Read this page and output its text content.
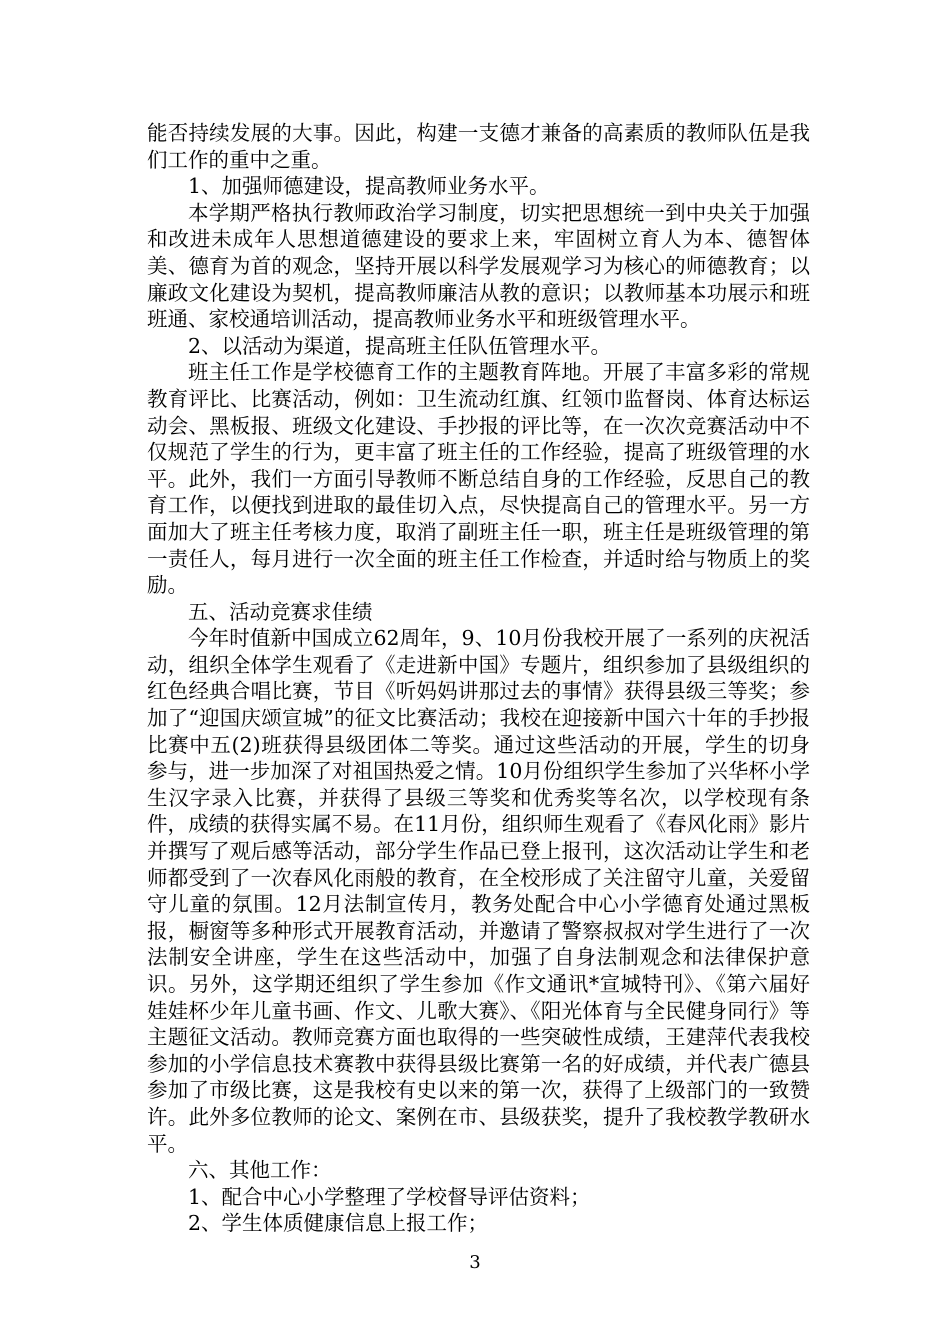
能否持续发展的大事。因此，构建一支德才兼备的高素质的教师队伍是我们工作的重中之重。

1、加强师德建设，提高教师业务水平。

本学期严格执行教师政治学习制度，切实把思想统一到中央关于加强和改进未成年人思想道德建设的要求上来，牢固树立育人为本、德智体美、德育为首的观念，坚持开展以科学发展观学习为核心的师德教育；以廉政文化建设为契机，提高教师廉洁从教的意识；以教师基本功展示和班班通、家校通培训活动，提高教师业务水平和班级管理水平。

2、以活动为渠道，提高班主任队伍管理水平。

班主任工作是学校德育工作的主题教育阵地。开展了丰富多彩的常规教育评比、比赛活动，例如：卫生流动红旗、红领巾监督岗、体育达标运动会、黑板报、班级文化建设、手抄报的评比等，在一次次竞赛活动中不仅规范了学生的行为，更丰富了班主任的工作经验，提高了班级管理的水平。此外，我们一方面引导教师不断总结自身的工作经验，反思自己的教育工作，以便找到进取的最佳切入点，尽快提高自己的管理水平。另一方面加大了班主任考核力度，取消了副班主任一职，班主任是班级管理的第一责任人，每月进行一次全面的班主任工作检查，并适时给与物质上的奖励。

五、活动竞赛求佳绩

今年时值新中国成立62周年，9、10月份我校开展了一系列的庆祝活动，组织全体学生观看了《走进新中国》专题片，组织参加了县级组织的红色经典合唱比赛，节目《听妈妈讲那过去的事情》获得县级三等奖；参加了“迎国庆颂宣城”的征文比赛活动；我校在迎接新中国六十年的手抄报比赛中五(2)班获得县级团体二等奖。通过这些活动的开展，学生的切身参与，进一步加深了对祖国热爱之情。10月份组织学生参加了兴华杯小学生汉字录入比赛，并获得了县级三等奖和优秀奖等名次，以学校现有条件，成绩的获得实属不易。在11月份，组织师生观看了《春风化雨》影片并撰写了观后感等活动，部分学生作品已登上报刊，这次活动让学生和老师都受到了一次春风化雨般的教育，在全校形成了关注留守儿童，关爱留守儿童的氛围。12月法制宣传月，教务处配合中心小学德育处通过黑板报，橱窗等多种形式开展教育活动，并邀请了警察叔叔对学生进行了一次法制安全讲座，学生在这些活动中，加强了自身法制观念和法律保护意识。另外，这学期还组织了学生参加《作文通讯*宣城特刊》、《第六届好娃娃杯少年儿童书画、作文、儿歌大赛》、《阳光体育与全民健身同行》等主题征文活动。教师竞赛方面也取得的一些突破性成绩，王建萍代表我校参加的小学信息技术赛教中获得县级比赛第一名的好成绩，并代表广德县参加了市级比赛，这是我校有史以来的第一次，获得了上级部门的一致赞许。此外多位教师的论文、案例在市、县级获奖，提升了我校教学教研水平。

六、其他工作：

1、配合中心小学整理了学校督导评估资料；

2、学生体质健康信息上报工作；

3
